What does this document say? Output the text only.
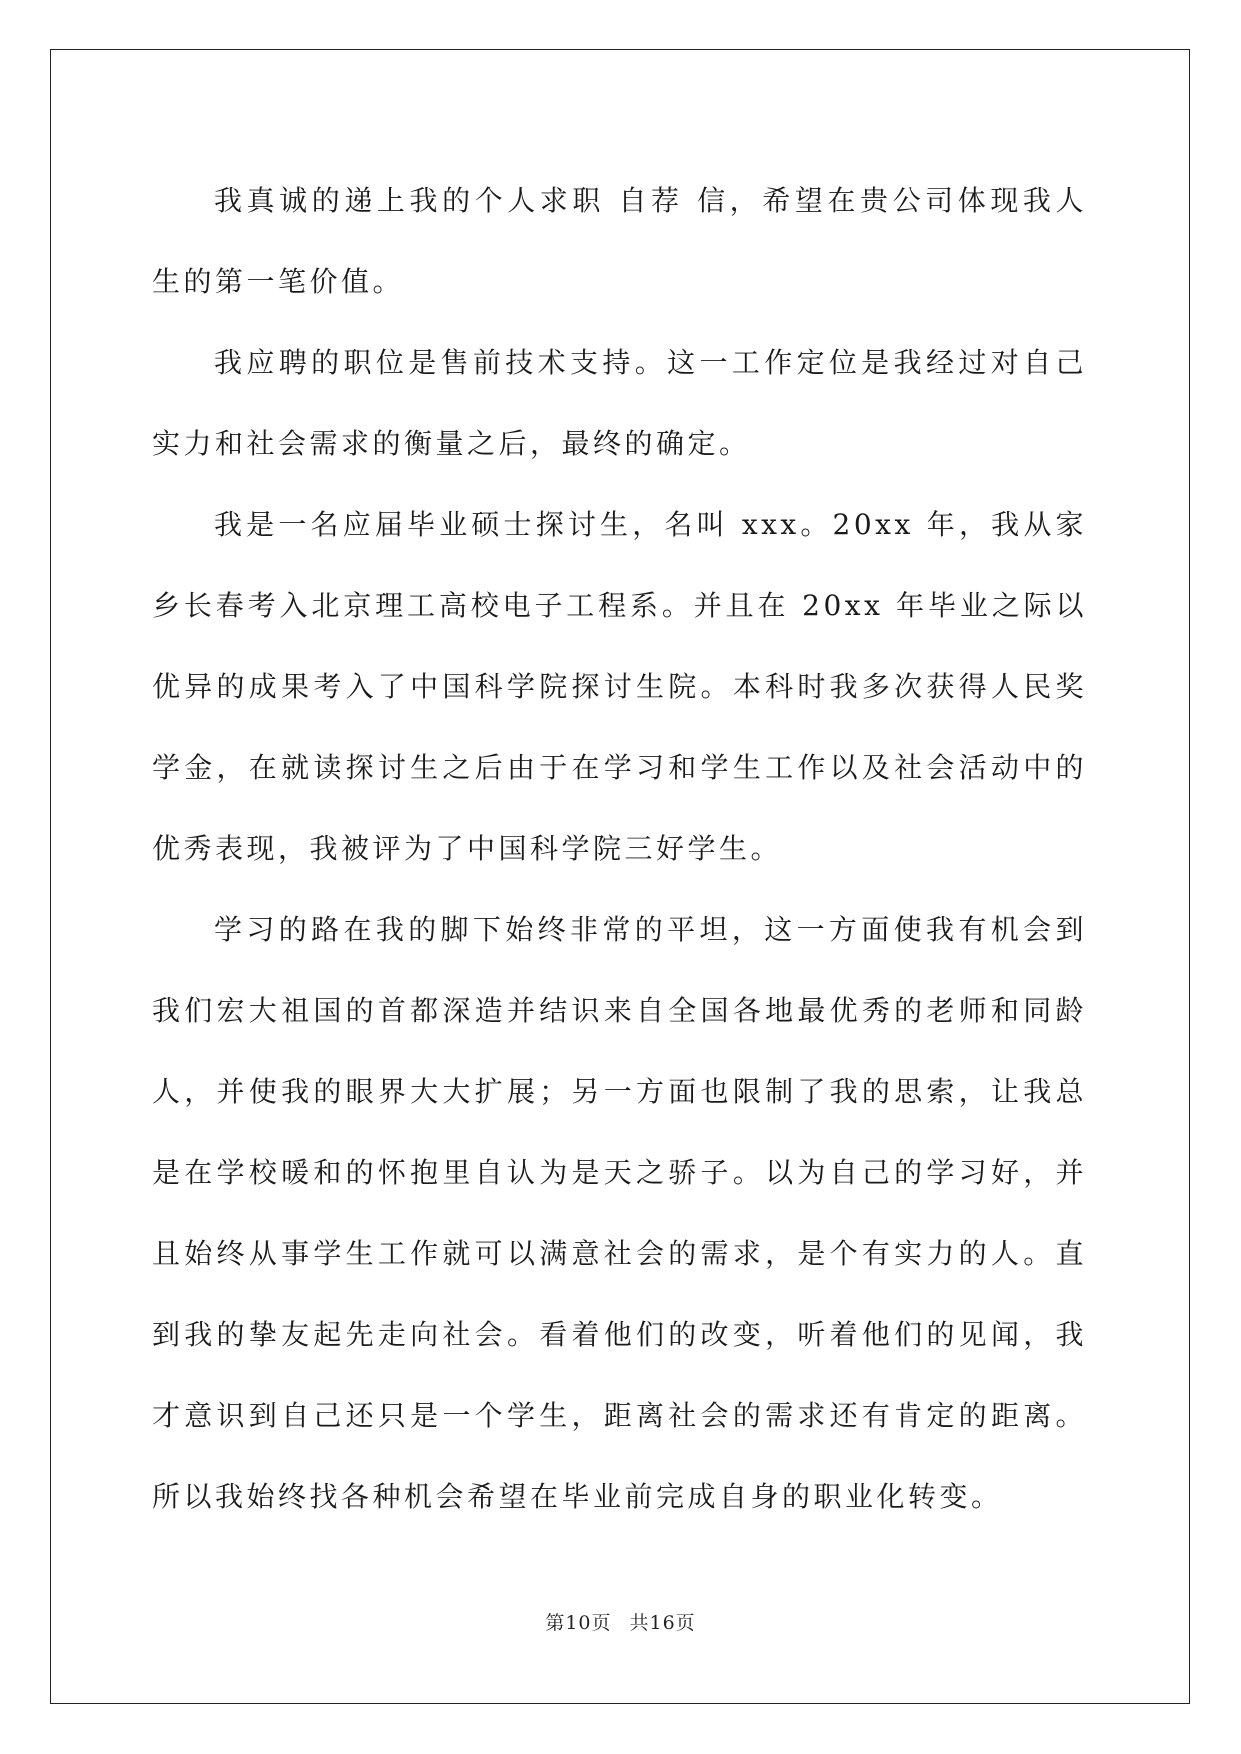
我真诚的递上我的个人求职 自荐 信，希望在贵公司体现我人生的第一笔价值。

我应聘的职位是售前技术支持。这一工作定位是我经过对自己实力和社会需求的衡量之后，最终的确定。

我是一名应届毕业硕士探讨生，名叫 xxx。20xx 年，我从家乡长春考入北京理工高校电子工程系。并且在 20xx 年毕业之际以优异的成果考入了中国科学院探讨生院。本科时我多次获得人民奖学金，在就读探讨生之后由于在学习和学生工作以及社会活动中的优秀表现，我被评为了中国科学院三好学生。

学习的路在我的脚下始终非常的平坦，这一方面使我有机会到我们宏大祖国的首都深造并结识来自全国各地最优秀的老师和同龄人，并使我的眼界大大扩展；另一方面也限制了我的思索，让我总是在学校暖和的怀抱里自认为是天之骄子。以为自己的学习好，并且始终从事学生工作就可以满意社会的需求，是个有实力的人。直到我的挚友起先走向社会。看着他们的改变，听着他们的见闻，我才意识到自己还只是一个学生，距离社会的需求还有肯定的距离。所以我始终找各种机会希望在毕业前完成自身的职业化转变。

第10页 共16页
